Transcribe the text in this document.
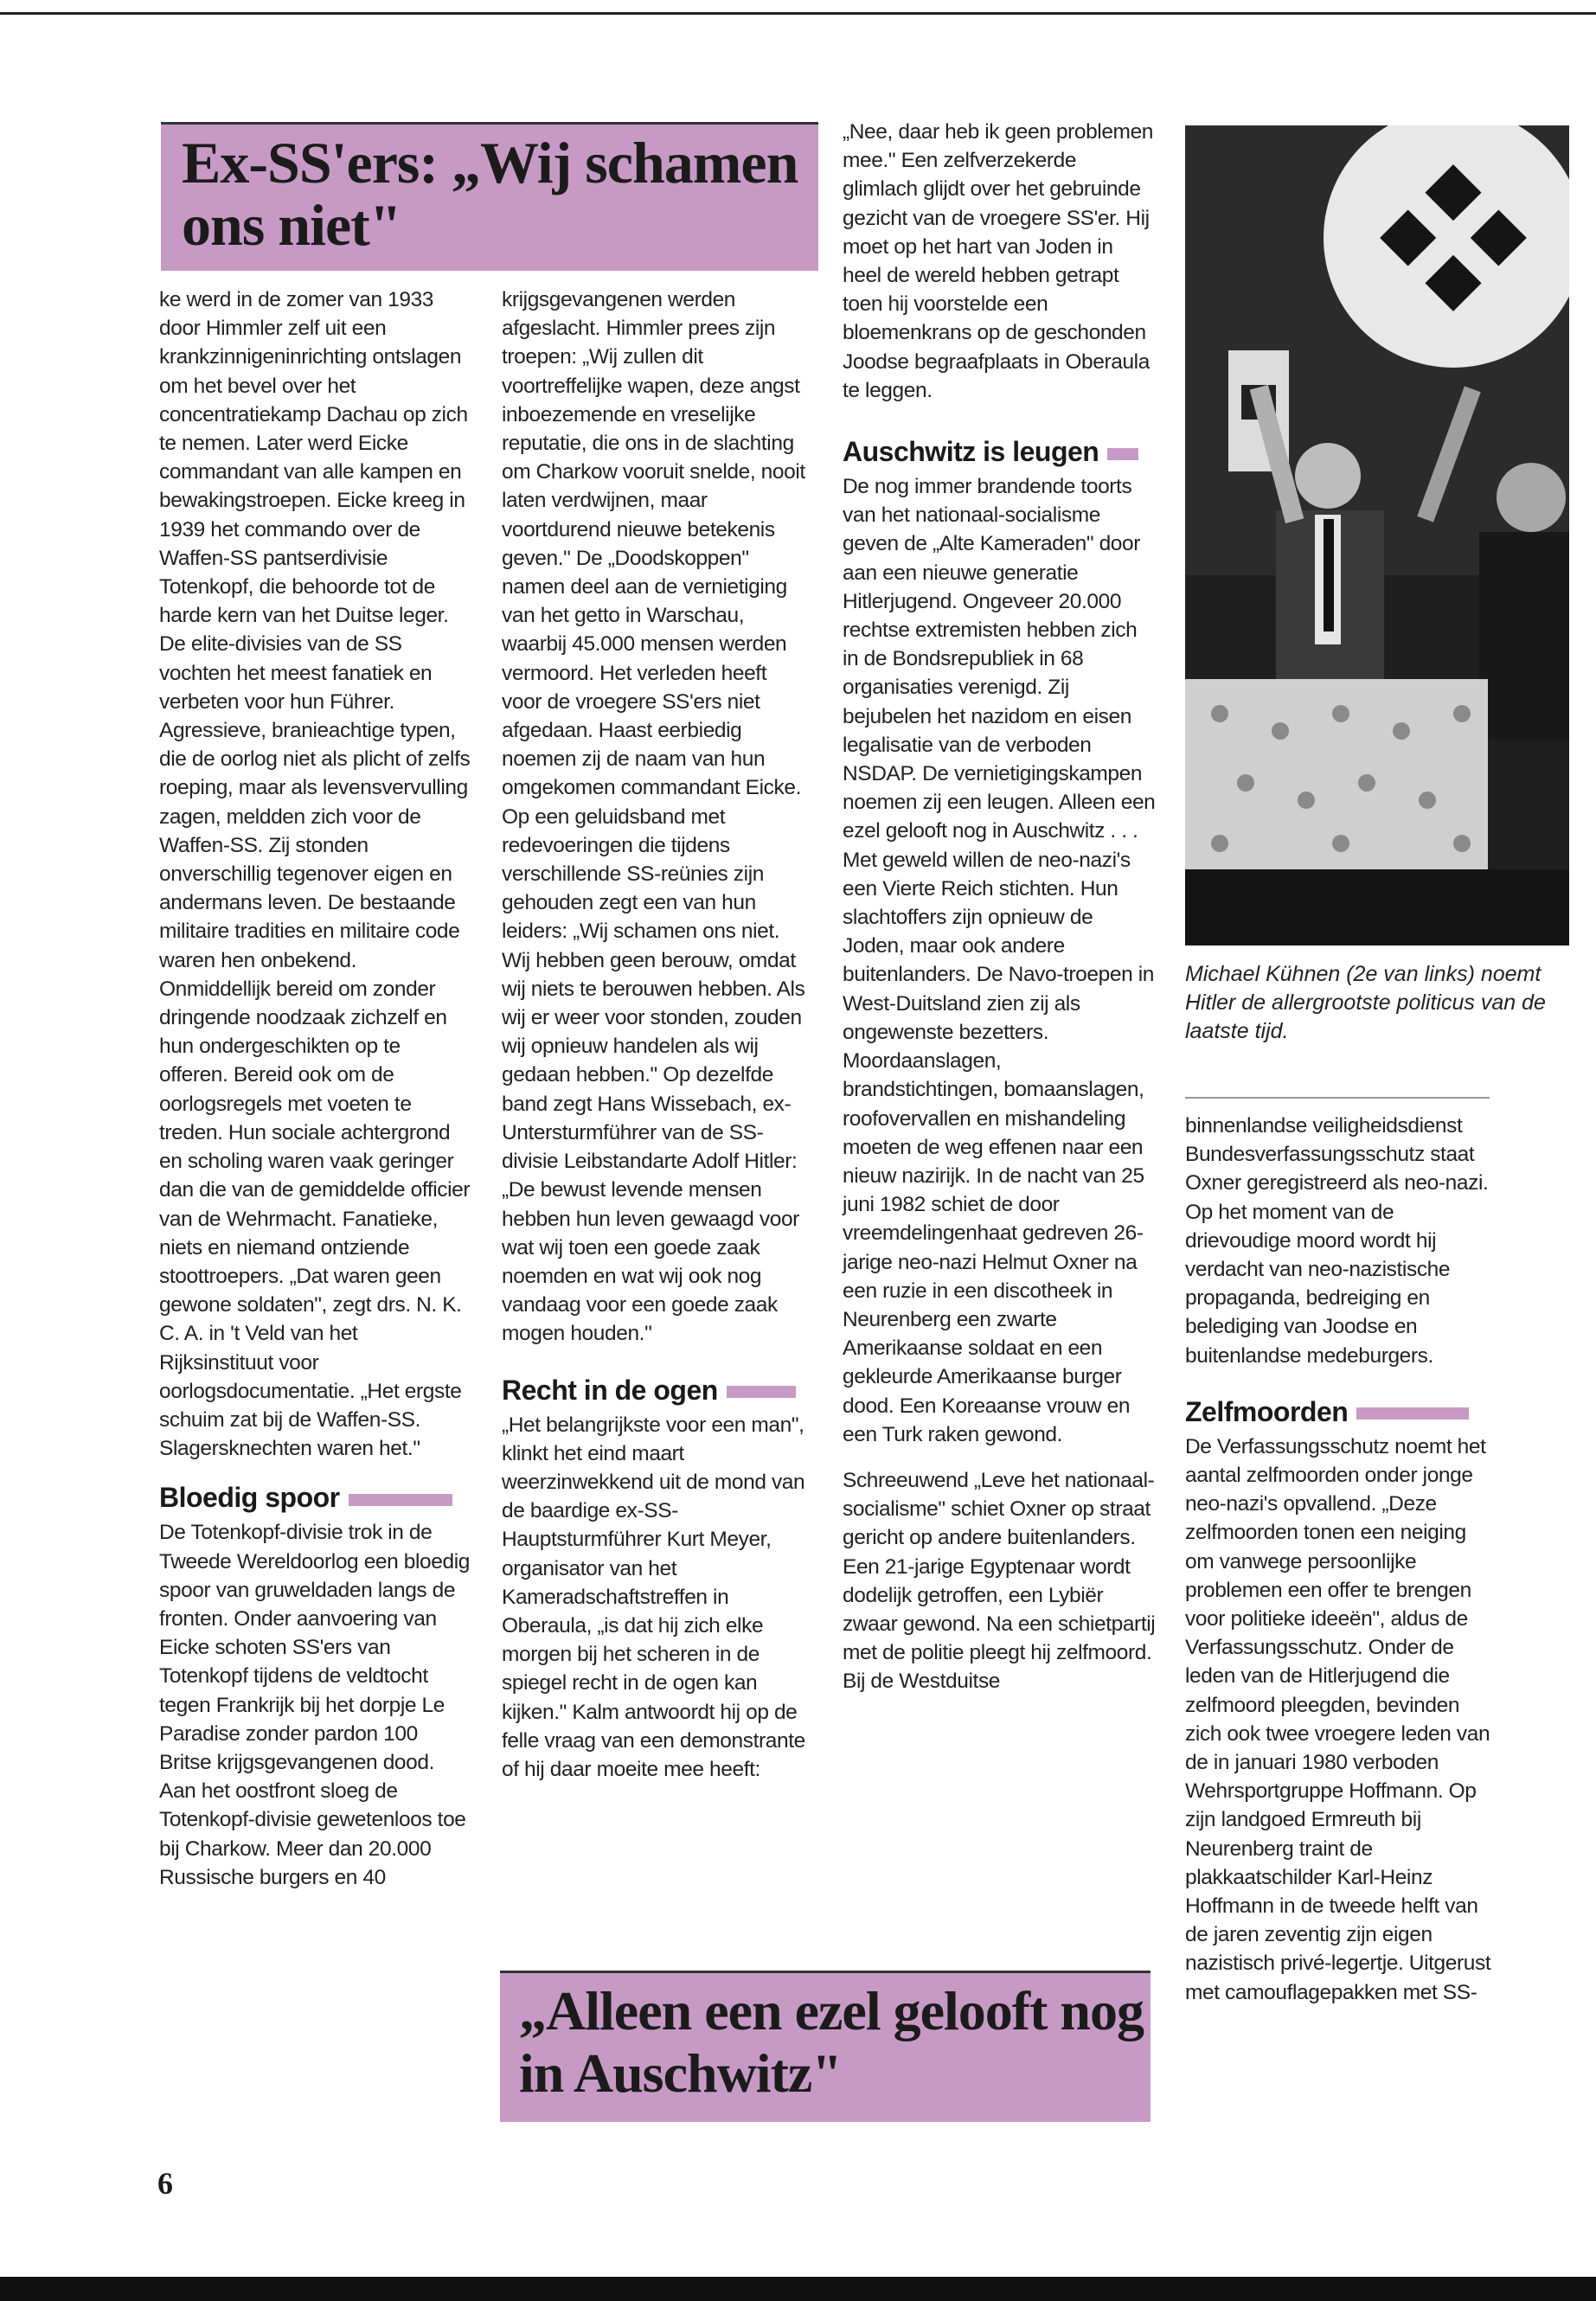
Ex-SS'ers: „Wij schamen ons niet"

ke werd in de zomer van 1933 door Himmler zelf uit een krankzinnigeninrichting ontslagen om het bevel over het concentratiekamp Dachau op zich te nemen. Later werd Eicke commandant van alle kampen en bewakingstroepen. Eicke kreeg in 1939 het commando over de Waffen-SS pantserdivisie Totenkopf, die behoorde tot de harde kern van het Duitse leger. De elite-divisies van de SS vochten het meest fanatiek en verbeten voor hun Führer. Agressieve, branieachtige typen, die de oorlog niet als plicht of zelfs roeping, maar als levensvervulling zagen, meldden zich voor de Waffen-SS. Zij stonden onverschillig tegenover eigen en andermans leven. De bestaande militaire tradities en militaire code waren hen onbekend. Onmiddellijk bereid om zonder dringende noodzaak zichzelf en hun ondergeschikten op te offeren. Bereid ook om de oorlogsregels met voeten te treden. Hun sociale achtergrond en scholing waren vaak geringer dan die van de gemiddelde officier van de Wehrmacht. Fanatieke, niets en niemand ontziende stoottroepers. „Dat waren geen gewone soldaten", zegt drs. N. K. C. A. in 't Veld van het Rijksinstituut voor oorlogsdocumentatie. „Het ergste schuim zat bij de Waffen-SS. Slagersknechten waren het."

Bloedig spoor

De Totenkopf-divisie trok in de Tweede Wereldoorlog een bloedig spoor van gruweldaden langs de fronten. Onder aanvoering van Eicke schoten SS'ers van Totenkopf tijdens de veldtocht tegen Frankrijk bij het dorpje Le Paradise zonder pardon 100 Britse krijgsgevangenen dood. Aan het oostfront sloeg de Totenkopf-divisie gewetenloos toe bij Charkow. Meer dan 20.000 Russische burgers en 40

krijgsgevangenen werden afgeslacht. Himmler prees zijn troepen: „Wij zullen dit voortreffelijke wapen, deze angst inboezemende en vreselijke reputatie, die ons in de slachting om Charkow vooruit snelde, nooit laten verdwijnen, maar voortdurend nieuwe betekenis geven." De „Doodskoppen" namen deel aan de vernietiging van het getto in Warschau, waarbij 45.000 mensen werden vermoord. Het verleden heeft voor de vroegere SS'ers niet afgedaan. Haast eerbiedig noemen zij de naam van hun omgekomen commandant Eicke. Op een geluidsband met redevoeringen die tijdens verschillende SS-reünies zijn gehouden zegt een van hun leiders: „Wij schamen ons niet. Wij hebben geen berouw, omdat wij niets te berouwen hebben. Als wij er weer voor stonden, zouden wij opnieuw handelen als wij gedaan hebben." Op dezelfde band zegt Hans Wissebach, ex-Untersturmführer van de SS-divisie Leibstandarte Adolf Hitler: „De bewust levende mensen hebben hun leven gewaagd voor wat wij toen een goede zaak noemden en wat wij ook nog vandaag voor een goede zaak mogen houden."

Recht in de ogen

„Het belangrijkste voor een man", klinkt het eind maart weerzinwekkend uit de mond van de baardige ex-SS-Hauptsturmführer Kurt Meyer, organisator van het Kameradschaftstreffen in Oberaula, „is dat hij zich elke morgen bij het scheren in de spiegel recht in de ogen kan kijken." Kalm antwoordt hij op de felle vraag van een demonstrante of hij daar moeite mee heeft:

„Nee, daar heb ik geen problemen mee." Een zelfverzekerde glimlach glijdt over het gebruinde gezicht van de vroegere SS'er. Hij moet op het hart van Joden in heel de wereld hebben getrapt toen hij voorstelde een bloemenkrans op de geschonden Joodse begraafplaats in Oberaula te leggen.

Auschwitz is leugen

De nog immer brandende toorts van het nationaal-socialisme geven de „Alte Kameraden" door aan een nieuwe generatie Hitlerjugend. Ongeveer 20.000 rechtse extremisten hebben zich in de Bondsrepubliek in 68 organisaties verenigd. Zij bejubelen het nazidom en eisen legalisatie van de verboden NSDAP. De vernietigingskampen noemen zij een leugen. Alleen een ezel gelooft nog in Auschwitz . . . Met geweld willen de neo-nazi's een Vierte Reich stichten. Hun slachtoffers zijn opnieuw de Joden, maar ook andere buitenlanders. De Navo-troepen in West-Duitsland zien zij als ongewenste bezetters. Moordaanslagen, brandstichtingen, bomaanslagen, roofovervallen en mishandeling moeten de weg effenen naar een nieuw nazirijk. In de nacht van 25 juni 1982 schiet de door vreemdelingenhaat gedreven 26-jarige neo-nazi Helmut Oxner na een ruzie in een discotheek in Neurenberg een zwarte Amerikaanse soldaat en een gekleurde Amerikaanse burger dood. Een Koreaanse vrouw en een Turk raken gewond.

Schreeuwend „Leve het nationaal-socialisme" schiet Oxner op straat gericht op andere buitenlanders. Een 21-jarige Egyptenaar wordt dodelijk getroffen, een Lybiër zwaar gewond. Na een schietpartij met de politie pleegt hij zelfmoord. Bij de Westduitse

Michael Kühnen (2e van links) noemt Hitler de allergrootste politicus van de laatste tijd.

binnenlandse veiligheidsdienst Bundesverfassungsschutz staat Oxner geregistreerd als neo-nazi. Op het moment van de drievoudige moord wordt hij verdacht van neo-nazistische propaganda, bedreiging en belediging van Joodse en buitenlandse medeburgers.

Zelfmoorden

De Verfassungsschutz noemt het aantal zelfmoorden onder jonge neo-nazi's opvallend. „Deze zelfmoorden tonen een neiging om vanwege persoonlijke problemen een offer te brengen voor politieke ideeën", aldus de Verfassungsschutz. Onder de leden van de Hitlerjugend die zelfmoord pleegden, bevinden zich ook twee vroegere leden van de in januari 1980 verboden Wehrsportgruppe Hoffmann. Op zijn landgoed Ermreuth bij Neurenberg traint de plakkaatschilder Karl-Heinz Hoffmann in de tweede helft van de jaren zeventig zijn eigen nazistisch privé-legertje. Uitgerust met camouflagepakken met SS-

„Alleen een ezel gelooft nog in Auschwitz"
6
